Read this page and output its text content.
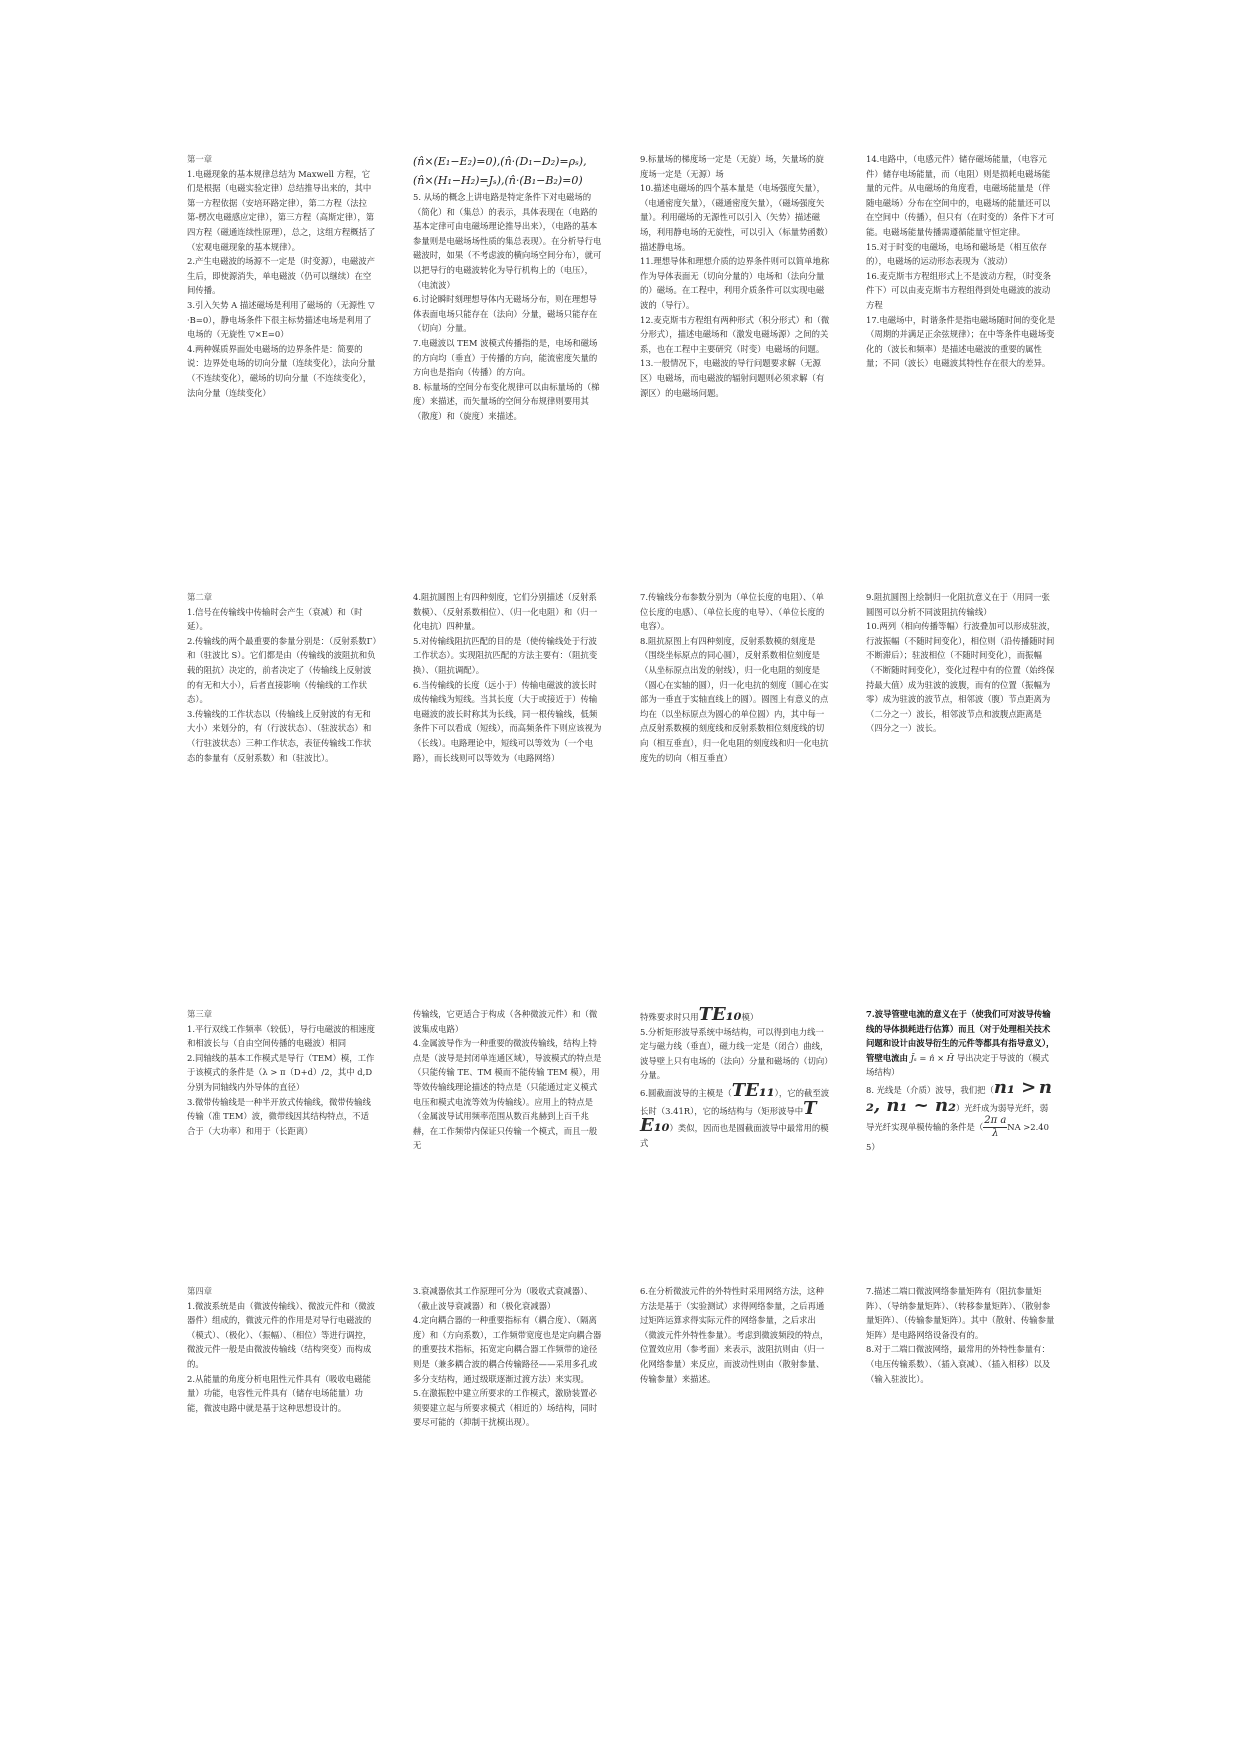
第一章

1.电磁现象的基本规律总结为 Maxwell 方程，它们是根据（电磁实验定律）总结推导出来的，其中第一方程依据（安培环路定律），第二方程（法拉第-楞次电磁感应定律），第三方程（高斯定律），第四方程（磁通连续性原理），总之，这组方程概括了（宏观电磁现象的基本规律）。

2.产生电磁波的场源不一定是（时变源），电磁波产生后，即使源消失，单电磁波（仍可以继续）在空间传播。

3.引入矢势 A 描述磁场是利用了磁场的（无源性 ▽·B=0），静电场条件下很主标势描述电场是利用了电场的（无旋性 ▽×E=0）

4.两种媒质界面处电磁场的边界条件是：简要的说：边界处电场的切向分量（连续变化），法向分量（不连续变化），磁场的切向分量（不连续变化），法向分量（连续变化）

(n̂×(E₁−E₂)=0),(n̂·(D₁−D₂)=ρₛ),
(n̂×(H₁−H₂)=Jₛ),(n̂·(B₁−B₂)=0)

5. 从场的概念上讲电路是特定条件下对电磁场的（简化）和（集总）的表示，具体表现在（电路的基本定律可由电磁场理论推导出来），（电路的基本参量则是电磁场场性质的集总表现）。在分析导行电磁波时，如果（不考虑波的横向场空间分布），就可以把导行的电磁波转化为导行机构上的（电压），（电流波）

6.讨论瞬时刻理想导体内无磁场分布，则在理想导体表面电场只能存在（法向）分量，磁场只能存在（切向）分量。

7.电磁波以 TEM 波模式传播指的是，电场和磁场的方向均（垂直）于传播的方向，能流密度矢量的方向也是指向（传播）的方向。

8. 标量场的空间分布变化规律可以由标量场的（梯度）来描述，而矢量场的空间分布规律则要用其（散度）和（旋度）来描述。

9.标量场的梯度场一定是（无旋）场，矢量场的旋度场一定是（无源）场

10.描述电磁场的四个基本量是（电场强度矢量），（电通密度矢量），（磁通密度矢量），（磁场强度矢量）。利用磁场的无源性可以引入（矢势）描述磁场，利用静电场的无旋性，可以引入（标量势函数）描述静电场。

11.理想导体和理想介质的边界条件则可以简单地称作为导体表面无（切向分量的）电场和（法向分量的）磁场。在工程中，利用介质条件可以实现电磁波的（导行）。

12.麦克斯韦方程组有两种形式（积分形式）和（微分形式），描述电磁场和（激发电磁场源）之间的关系，也在工程中主要研究（时变）电磁场的问题。

13.一般情况下，电磁波的导行问题要求解（无源区）电磁场，而电磁波的辐射问题则必须求解（有源区）的电磁场问题。

14.电路中，（电感元件）储存磁场能量，（电容元件）储存电场能量，而（电阻）则是损耗电磁场能量的元件。从电磁场的角度看，电磁场能量是（伴随电磁场）分布在空间中的，电磁场的能量还可以在空间中（传播），但只有（在时变的）条件下才可能。电磁场能量传播需遵循能量守恒定律。

15.对于时变的电磁场，电场和磁场是（相互依存的），电磁场的运动形态表现为（波动）

16.麦克斯韦方程组形式上不是波动方程，（时变条件下）可以由麦克斯韦方程组得到处电磁波的波动方程

17.电磁场中，时谐条件是指电磁场随时间的变化是（周期的并满足正余弦规律）；在中等条件电磁场变化的（波长和频率）是描述电磁波的重要的属性量；不同（波长）电磁波其特性存在很大的差异。

第二章

1.信号在传输线中传输时会产生（衰减）和（时延）。

2.传输线的两个最重要的参量分别是：（反射系数Γ）和（驻波比 S）。它们都是由（传输线的波阻抗和负载的阻抗）决定的，前者决定了（传输线上反射波的有无和大小），后者直接影响（传输线的工作状态）。

3.传输线的工作状态以（传输线上反射波的有无和大小）来划分的，有（行波状态）、（驻波状态）和（行驻波状态）三种工作状态，表征传输线工作状态的参量有（反射系数）和（驻波比）。

4.阻抗圆图上有四种刻度，它们分别描述（反射系数模）、（反射系数相位）、（归一化电阻）和（归一化电抗）四种量。

5.对传输线阻抗匹配的目的是（使传输线处于行波工作状态）。实现阻抗匹配的方法主要有：（阻抗变换）、（阻抗调配）。

6.当传输线的长度（远小于）传输电磁波的波长时成传输线为短线。当其长度（大于或接近于）传输电磁波的波长时称其为长线，同一根传输线，低频条件下可以看成（短线），而高频条件下则应该视为（长线）。电路理论中，短线可以等效为（一个电路），而长线则可以等效为（电路网络）

7.传输线分布参数分别为（单位长度的电阻）、（单位长度的电感）、（单位长度的电导）、（单位长度的电容）。

8.阻抗原图上有四种刻度，反射系数模的刻度是（围绕坐标原点的同心圆），反射系数相位刻度是（从坐标原点出发的射线），归一化电阻的刻度是（圆心在实轴的圆），归一化电抗的刻度（圆心在实部为一垂直于实轴直线上的圆）。圆图上有意义的点均在（以坐标原点为圆心的单位圆）内，其中每一点反射系数模的刻度线和反射系数相位刻度线的切向（相互垂直），归一化电阻的刻度线和归一化电抗度先的切向（相互垂直）

9.阻抗圆图上绘制归一化阻抗意义在于（用同一张圆图可以分析不同波阻抗传输线）

10.两列（相向传播等幅）行波叠加可以形成驻波，行波振幅（不随时间变化），相位则（沿传播随时间不断滞后）；驻波相位（不随时间变化），而振幅（不断随时间变化），变化过程中有的位置（始终保持最大值）成为驻波的波腹，而有的位置（振幅为零）成为驻波的波节点，相邻波（腹）节点距离为（二分之一）波长，相邻波节点和波腹点距离是（四分之一）波长。

第三章

1.平行双线工作频率（较低），导行电磁波的相速度和相波长与（自由空间传播的电磁波）相同

2.同轴线的基本工作模式是导行（TEM）模，工作于该模式的条件是（λ > π（D+d）/2，其中 d,D 分别为同轴线内外导体的直径）

3.微带传输线是一种半开放式传输线，微带传输线传输（准 TEM）波，微带线因其结构特点，不适合于（大功率）和用于（长距离）

传输线，它更适合于构成（各种微波元件）和（微波集成电路）

4.金属波导作为一种重要的微波传输线，结构上特点是（波导是封闭单连通区域），导波模式的特点是（只能传输 TE、TM 模而不能传输 TEM 模），用等效传输线理论描述的特点是（只能通过定义模式电压和模式电流等效为传输线）。应用上的特点是（金属波导试用频率范围从数百兆赫到上百千兆赫，在工作频带内保证只传输一个模式，而且一般无

特殊要求时只用TE₁₀模）

5.分析矩形波导系统中场结构，可以得到电力线一定与磁力线（垂直），磁力线一定是（闭合）曲线，波导壁上只有电场的（法向）分量和磁场的（切向）分量。

6.圆截面波导的主模是（TE₁₁），它的截至波长时（3.41R），它的场结构与（矩形波导中TE₁₀）类似，因而也是圆截面波导中最常用的模式

7.波导管壁电流的意义在于（使我们可对波导传输线的导体损耗进行估算）而且（对于处理相关技术问题和设计由波导衍生的元件等都具有指导意义），管壁电流由 J̄ₛ = n̂ × H̄ 导出决定于导波的（模式场结构）

8. 光线是（介质）波导，我们把（n₁ > n₂, n₁ ~ n₂）光纤成为弱导光纤，弱导光纤实现单模传输的条件是$(\frac{\text{2π a}}{\lambda}NA >2.405)$

第四章

1.微波系统是由（微波传输线）、微波元件和（微波器件）组成的，微波元件的作用是对导行电磁波的（模式）、（极化）、（振幅）、（相位）等进行调控，微波元件一般是由微波传输线（结构突变）而构成的。

2.从能量的角度分析电阻性元件具有（吸收电磁能量）功能，电容性元件具有（储存电场能量）功能，微波电路中就是基于这种思想设计的。

3.衰减器依其工作原理可分为（吸收式衰减器）、（截止波导衰减器）和（极化衰减器）

4.定向耦合器的一种重要指标有（耦合度）、（隔离度）和（方向系数），工作频带宽度也是定向耦合器的重要技术指标，拓宽定向耦合器工作频带的途径则是（兼多耦合波的耦合传输路径——采用多孔或多分支结构，通过级联逐渐过渡方法）来实现。

5.在激振腔中建立所要求的工作模式，激励装置必须要建立起与所要求模式（相近的）场结构，同时要尽可能的（抑制干扰模出现）。

6.在分析微波元件的外特性时采用网络方法，这种方法是基于（实验测试）求得网络参量，之后再通过矩阵运算求得实际元件的网络参量，之后求出（微波元件外特性参量）。考虑到微波频段的特点，位置效应用（参考面）来表示，波阻抗则由（归一化网络参量）来反应，而波动性则由（散射参量、传输参量）来描述。

7.描述二端口微波网络参量矩阵有（阻抗参量矩阵）、（导纳参量矩阵）、（转移参量矩阵）、（散射参量矩阵）、（传输参量矩阵）。其中（散射、传输参量矩阵）是电路网络设备没有的。

8.对于二端口微波网络，最常用的外特性参量有：（电压传输系数）、（插入衰减）、（插入相移）以及（输入驻波比）。
